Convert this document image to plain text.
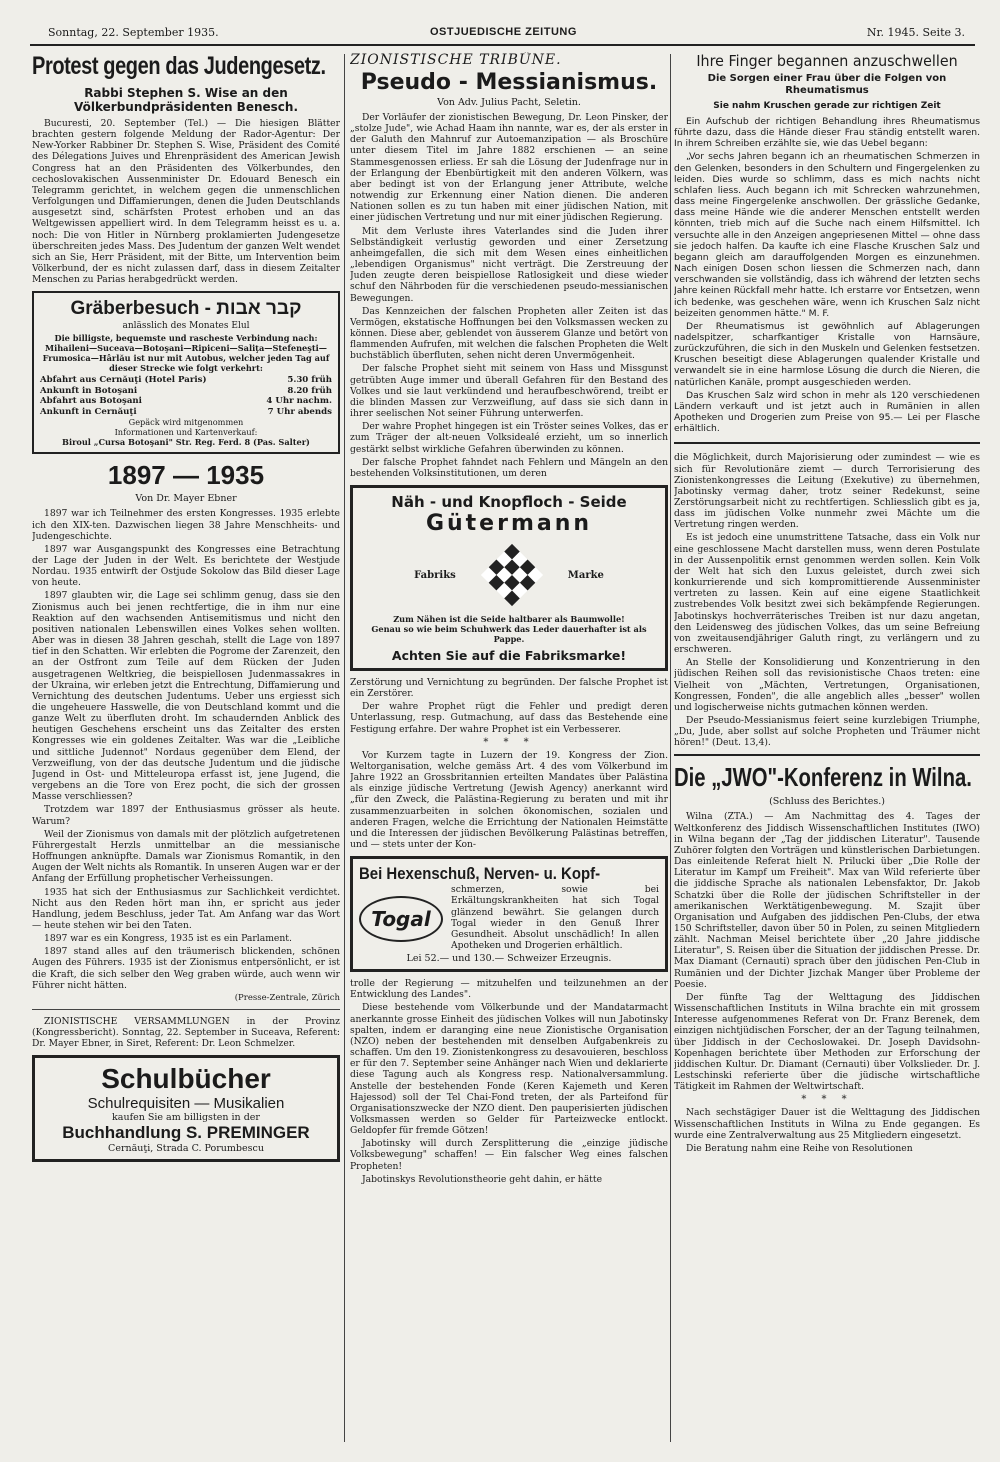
Sonntag, 22. September 1935.	OSTJUEDISCHE ZEITUNG	Nr. 1945. Seite 3.
Protest gegen das Judengesetz.
Rabbi Stephen S. Wise an den Völkerbundpräsidenten Benesch.

Bucuresti, 20. September (Tel.) — Die hiesigen Blätter brachten gestern folgende Meldung der Rador-Agentur: Der New-Yorker Rabbiner Dr. Stephen S. Wise, Präsident des Comité des Délegations Juives und Ehrenpräsident des American Jewish Congress hat an den Präsidenten des Völkerbundes, den cechoslovakischen Aussenminister Dr. Edouard Benesch ein Telegramm gerichtet, in welchem gegen die unmenschlichen Verfolgungen und Diffamierungen, denen die Juden Deutschlands ausgesetzt sind, schärfsten Protest erhoben und an das Weltgewissen appelliert wird. In dem Telegramm heisst es u. a. noch: Die von Hitler in Nürnberg proklamierten Judengesetze überschreiten jedes Mass. Des Judentum der ganzen Welt wendet sich an Sie, Herr Präsident, mit der Bitte, um Intervention beim Völkerbund, der es nicht zulassen darf, dass in diesem Zeitalter Menschen zu Parias herabgedrückt werden.

Gräberbesuch - קבר אבות
anlässlich des Monates Elul
Die billigste, bequemste und rascheste Verbindung nach: Mihaileni—Suceava—Botoşani—Ripiceni—Saliţa—Stefeneşti—Frumosica—Hârlău ist nur mit Autobus, welcher jeden Tag auf dieser Strecke wie folgt verkehrt:
Abfahrt aus Cernăuţi (Hotel Paris)	5.30 früh
Ankunft in Botoşani	8.20 früh
Abfahrt aus Botoşani	4 Uhr nachm.
Ankunft in Cernăuţi	7 Uhr abends
Gepäck wird mitgenommen
Informationen und Kartenverkauf:
Biroul „Cursa Botoşani" Str. Reg. Ferd. 8 (Pas. Salter)
1897 — 1935
Von Dr. Mayer Ebner

1897 war ich Teilnehmer des ersten Kongresses. 1935 erlebte ich den XIX-ten. Dazwischen liegen 38 Jahre Menschheits- und Judengeschichte.

1897 war Ausgangspunkt des Kongresses eine Betrachtung der Lage der Juden in der Welt. Es berichtete der Westjude Nordau. 1935 entwirft der Ostjude Sokolow das Bild dieser Lage von heute.

1897 glaubten wir, die Lage sei schlimm genug, dass sie den Zionismus auch bei jenen rechtfertige, die in ihm nur eine Reaktion auf den wachsenden Antisemitismus und nicht den positiven nationalen Lebenswillen eines Volkes sehen wollten. Aber was in diesen 38 Jahren geschah, stellt die Lage von 1897 tief in den Schatten. Wir erlebten die Pogrome der Zarenzeit, den an der Ostfront zum Teile auf dem Rücken der Juden ausgetragenen Weltkrieg, die beispiellosen Judenmassakres in der Ukraina, wir erleben jetzt die Entrechtung, Diffamierung und Vernichtung des deutschen Judentums. Ueber uns ergiesst sich die ungeheuere Hasswelle, die von Deutschland kommt und die ganze Welt zu überfluten droht. Im schaudernden Anblick des heutigen Geschehens erscheint uns das Zeitalter des ersten Kongresses wie ein goldenes Zeitalter. Was war die „Leibliche und sittliche Judennot" Nordaus gegenüber dem Elend, der Verzweiflung, von der das deutsche Judentum und die jüdische Jugend in Ost- und Mitteleuropa erfasst ist, jene Jugend, die vergebens an die Tore von Erez pocht, die sich der grossen Masse verschliessen?

Trotzdem war 1897 der Enthusiasmus grösser als heute. Warum?

Weil der Zionismus von damals mit der plötzlich aufgetretenen Führergestalt Herzls unmittelbar an die messianische Hoffnungen anknüpfte. Damals war Zionismus Romantik, in den Augen der Welt nichts als Romantik. In unseren Augen war er der Anfang der Erfüllung prophetischer Verheissungen.

1935 hat sich der Enthusiasmus zur Sachlichkeit verdichtet. Nicht aus den Reden hört man ihn, er spricht aus jeder Handlung, jedem Beschluss, jeder Tat. Am Anfang war das Wort — heute stehen wir bei den Taten.

1897 war es ein Kongress, 1935 ist es ein Parlament.

1897 stand alles auf den träumerisch blickenden, schönen Augen des Führers. 1935 ist der Zionismus entpersönlicht, er ist die Kraft, die sich selber den Weg graben würde, auch wenn wir Führer nicht hätten.

(Presse-Zentrale, Zürich

ZIONISTISCHE VERSAMMLUNGEN in der Provinz (Kongressbericht). Sonntag, 22. September in Suceava, Referent: Dr. Mayer Ebner, in Siret, Referent: Dr. Leon Schmelzer.

Schulbücher
Schulrequisiten — Musikalien
kaufen Sie am billigsten in der
Buchhandlung S. PREMINGER
Cernăuţi, Strada C. Porumbescu
ZIONISTISCHE TRIBÜNE.
Pseudo - Messianismus.
Von Adv. Julius Pacht, Seletin.

Der Vorläufer der zionistischen Bewegung, Dr. Leon Pinsker, der „stolze Jude", wie Achad Haam ihn nannte, war es, der als erster in der Galuth den Mahnruf zur Autoemanzipation — als Broschüre unter diesem Titel im Jahre 1882 erschienen — an seine Stammesgenossen erliess. Er sah die Lösung der Judenfrage nur in der Erlangung der Ebenbürtigkeit mit den anderen Völkern, was aber bedingt ist von der Erlangung jener Attribute, welche notwendig zur Erkennung einer Nation dienen. Die anderen Nationen sollen es zu tun haben mit einer jüdischen Nation, mit einer jüdischen Vertretung und nur mit einer jüdischen Regierung.

Mit dem Verluste ihres Vaterlandes sind die Juden ihrer Selbständigkeit verlustig geworden und einer Zersetzung anheimgefallen, die sich mit dem Wesen eines einheitlichen „lebendigen Organismus" nicht verträgt. Die Zerstreuung der Juden zeugte deren beispiellose Ratlosigkeit und diese wieder schuf den Nährboden für die verschiedenen pseudo-messianischen Bewegungen.

Das Kennzeichen der falschen Propheten aller Zeiten ist das Vermögen, ekstatische Hoffnungen bei den Volksmassen wecken zu können. Diese aber, geblendet von äusserem Glanze und betört von flammenden Aufrufen, mit welchen die falschen Propheten die Welt buchstäblich überfluten, sehen nicht deren Unvermögenheit.

Der falsche Prophet sieht mit seinem von Hass und Missgunst getrübten Auge immer und überall Gefahren für den Bestand des Volkes und sie laut verkündend und heraufbeschwörend, treibt er die blinden Massen zur Verzweiflung, auf dass sie sich dann in ihrer seelischen Not seiner Führung unterwerfen.

Der wahre Prophet hingegen ist ein Tröster seines Volkes, das er zum Träger der alt-neuen Volksidealé erzieht, um so innerlich gestärkt selbst wirkliche Gefahren überwinden zu können.

Der falsche Prophet fahndet nach Fehlern und Mängeln an den bestehenden Volksinstitutionen, um deren

Näh - und Knopfloch - Seide
Gütermann
Fabriks	Marke
Zum Nähen ist die Seide haltbarer als Baumwolle!
Genau so wie beim Schuhwerk das Leder dauerhafter ist als Pappe.
Achten Sie auf die Fabriksmarke!

Zerstörung und Vernichtung zu begründen. Der falsche Prophet ist ein Zerstörer.

Der wahre Prophet rügt die Fehler und predigt deren Unterlassung, resp. Gutmachung, auf dass das Bestehende eine Festigung erfahre. Der wahre Prophet ist ein Verbesserer.

* * *

Vor Kurzem tagte in Luzern der 19. Kongress der Zion. Weltorganisation, welche gemäss Art. 4 des vom Völkerbund im Jahre 1922 an Grossbritannien erteilten Mandates über Palästina als einzige jüdische Vertretung (Jewish Agency) anerkannt wird „für den Zweck, die Palästina-Regierung zu beraten und mit ihr zusammenzuarbeiten in solchen ökonomischen, sozialen und anderen Fragen, welche die Errichtung der Nationalen Heimstätte und die Interessen der jüdischen Bevölkerung Palästinas betreffen, und — stets unter der Kon-

Bei Hexenschuß, Nerven- u. Kopf-
Togal

schmerzen, sowie bei Erkältungskrankheiten hat sich Togal glänzend bewährt. Sie gelangen durch Togal wieder in den Genuß Ihrer Gesundheit. Absolut unschädlich! In allen Apotheken und Drogerien erhältlich.

Lei 52.— und 130.— Schweizer Erzeugnis.

trolle der Regierung — mitzuhelfen und teilzunehmen an der Entwicklung des Landes".

Diese bestehende vom Völkerbunde und der Mandatarmacht anerkannte grosse Einheit des jüdischen Volkes will nun Jabotinsky spalten, indem er daranging eine neue Zionistische Organisation (NZO) neben der bestehenden mit denselben Aufgabenkreis zu schaffen. Um den 19. Zionistenkongress zu desavouieren, beschloss er für den 7. September seine Anhänger nach Wien und deklarierte diese Tagung auch als Kongress resp. Nationalversammlung. Anstelle der bestehenden Fonde (Keren Kajemeth und Keren Hajessod) soll der Tel Chai-Fond treten, der als Parteifond für Organisationszwecke der NZO dient. Den pauperisierten jüdischen Volksmassen werden so Gelder für Parteizwecke entlockt. Geldopfer für fremde Götzen!

Jabotinsky will durch Zersplitterung die „einzige jüdische Volksbewegung" schaffen! — Ein falscher Weg eines falschen Propheten!

Jabotinskys Revolutionstheorie geht dahin, er hätte

Ihre Finger begannen anzuschwellen
Die Sorgen einer Frau über die Folgen von Rheumatismus
Sie nahm Kruschen gerade zur richtigen Zeit

Ein Aufschub der richtigen Behandlung ihres Rheumatismus führte dazu, dass die Hände dieser Frau ständig entstellt waren. In ihrem Schreiben erzählte sie, wie das Uebel begann:

„Vor sechs Jahren begann ich an rheumatischen Schmerzen in den Gelenken, besonders in den Schultern und Fingergelenken zu leiden. Dies wurde so schlimm, dass es mich nachts nicht schlafen liess. Auch begann ich mit Schrecken wahrzunehmen, dass meine Fingergelenke anschwollen. Der grässliche Gedanke, dass meine Hände wie die anderer Menschen entstellt werden könnten, trieb mich auf die Suche nach einem Hilfsmittel. Ich versuchte alle in den Anzeigen angepriesenen Mittel — ohne dass sie jedoch halfen. Da kaufte ich eine Flasche Kruschen Salz und begann gleich am darauffolgenden Morgen es einzunehmen. Nach einigen Dosen schon liessen die Schmerzen nach, dann verschwanden sie vollständig, dass ich während der letzten sechs Jahre keinen Rückfall mehr hatte. Ich erstarre vor Entsetzen, wenn ich bedenke, was geschehen wäre, wenn ich Kruschen Salz nicht beizeiten genommen hätte." M. F.

Der Rheumatismus ist gewöhnlich auf Ablagerungen nadelspitzer, scharfkantiger Kristalle von Harnsäure, zurückzuführen, die sich in den Muskeln und Gelenken festsetzen. Kruschen beseitigt diese Ablagerungen qualender Kristalle und verwandelt sie in eine harmlose Lösung die durch die Nieren, die natürlichen Kanäle, prompt ausgeschieden werden.

Das Kruschen Salz wird schon in mehr als 120 verschiedenen Ländern verkauft und ist jetzt auch in Rumänien in allen Apotheken und Drogerien zum Preise von 95.— Lei per Flasche erhältlich.

die Möglichkeit, durch Majorisierung oder zumindest — wie es sich für Revolutionäre ziemt — durch Terrorisierung des Zionistenkongresses die Leitung (Exekutive) zu übernehmen, Jabotinsky vermag daher, trotz seiner Redekunst, seine Zerstörungsarbeit nicht zu rechtfertigen. Schliesslich gibt es ja, dass im jüdischen Volke nunmehr zwei Mächte um die Vertretung ringen werden.

Es ist jedoch eine unumstrittene Tatsache, dass ein Volk nur eine geschlossene Macht darstellen muss, wenn deren Postulate in der Aussenpolitik ernst genommen werden sollen. Kein Volk der Welt hat sich den Luxus geleistet, durch zwei sich konkurrierende und sich kompromittierende Aussenminister vertreten zu lassen. Kein auf eine eigene Staatlichkeit zustrebendes Volk besitzt zwei sich bekämpfende Regierungen. Jabotinskys hochverräterisches Treiben ist nur dazu angetan, den Leidensweg des jüdischen Volkes, das um seine Befreiung von zweitausendjähriger Galuth ringt, zu verlängern und zu erschweren.

An Stelle der Konsolidierung und Konzentrierung in den jüdischen Reihen soll das revisionistische Chaos treten: eine Vielheit von „Mächten, Vertretungen, Organisationen, Kongressen, Fonden", die alle angeblich alles „besser" wollen und logischerweise nichts gutmachen können werden.

Der Pseudo-Messianismus feiert seine kurzlebigen Triumphe, „Du, Jude, aber sollst auf solche Propheten und Träumer nicht hören!" (Deut. 13,4).

Die „JWO"-Konferenz in Wilna.
(Schluss des Berichtes.)

Wilna (ZTA.) — Am Nachmittag des 4. Tages der Weltkonferenz des Jiddisch Wissenschaftlichen Institutes (IWO) in Wilna begann der „Tag der jiddischen Literatur". Tausende Zuhörer folgten den Vorträgen und künstlerischen Darbietungen. Das einleitende Referat hielt N. Prilucki über „Die Rolle der Literatur im Kampf um Freiheit". Max van Wild referierte über die jiddische Sprache als nationalen Lebensfaktor, Dr. Jakob Schatzki über die Rolle der jüdischen Schriftsteller in der amerikanischen Werktätigenbewegung. M. Szajit über Organisation und Aufgaben des jiddischen Pen-Clubs, der etwa 150 Schriftsteller, davon über 50 in Polen, zu seinen Mitgliedern zählt. Nachman Meisel berichtete über „20 Jahre jiddische Literatur", S. Reisen über die Situation der jiddischen Presse. Dr. Max Diamant (Cernauti) sprach über den jüdischen Pen-Club in Rumänien und der Dichter Jizchak Manger über Probleme der Poesie.

Der fünfte Tag der Welttagung des Jiddischen Wissenschaftlichen Instituts in Wilna brachte ein mit grossem Interesse aufgenommenes Referat von Dr. Franz Berenek, dem einzigen nichtjüdischen Forscher, der an der Tagung teilnahmen, über Jiddisch in der Cechoslowakei. Dr. Joseph Davidsohn-Kopenhagen berichtete über Methoden zur Erforschung der jiddischen Kultur. Dr. Diamant (Cernauti) über Volkslieder. Dr. J. Lestschinski referierte über die jüdische wirtschaftliche Tätigkeit im Rahmen der Weltwirtschaft.

* * *

Nach sechstägiger Dauer ist die Welttagung des Jiddischen Wissenschaftlichen Instituts in Wilna zu Ende gegangen. Es wurde eine Zentralverwaltung aus 25 Mitgliedern eingesetzt.

Die Beratung nahm eine Reihe von Resolutionen
